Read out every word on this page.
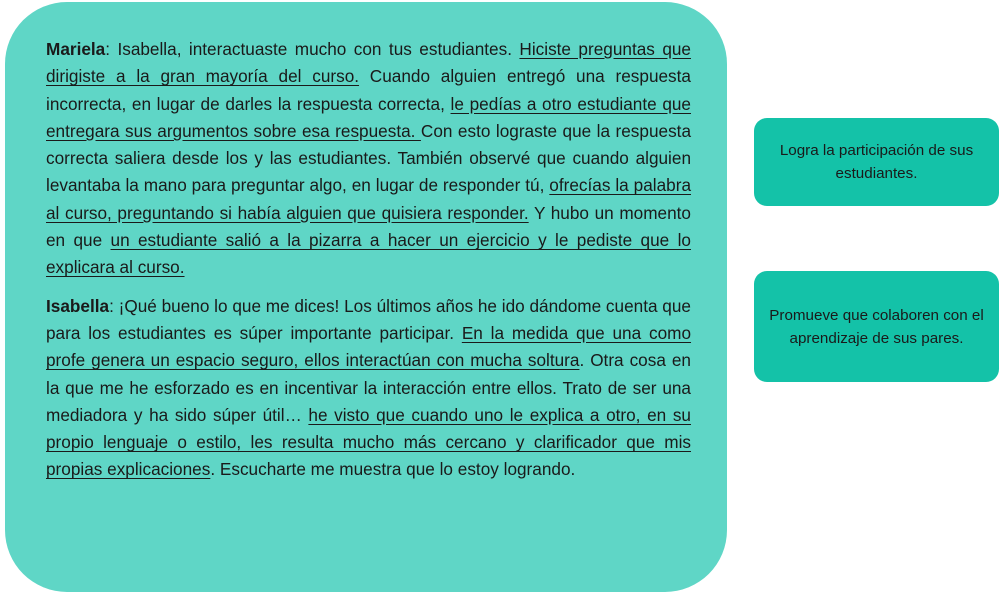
Mariela: Isabella, interactuaste mucho con tus estudiantes. Hiciste preguntas que dirigiste a la gran mayoría del curso. Cuando alguien entregó una respuesta incorrecta, en lugar de darles la respuesta correcta, le pedías a otro estudiante que entregara sus argumentos sobre esa respuesta. Con esto lograste que la respuesta correcta saliera desde los y las estudiantes. También observé que cuando alguien levantaba la mano para preguntar algo, en lugar de responder tú, ofrecías la palabra al curso, preguntando si había alguien que quisiera responder. Y hubo un momento en que un estudiante salió a la pizarra a hacer un ejercicio y le pediste que lo explicara al curso.

Isabella: ¡Qué bueno lo que me dices! Los últimos años he ido dándome cuenta que para los estudiantes es súper importante participar. En la medida que una como profe genera un espacio seguro, ellos interactúan con mucha soltura. Otra cosa en la que me he esforzado es en incentivar la interacción entre ellos. Trato de ser una mediadora y ha sido súper útil… he visto que cuando uno le explica a otro, en su propio lenguaje o estilo, les resulta mucho más cercano y clarificador que mis propias explicaciones. Escucharte me muestra que lo estoy logrando.

Logra la participación de sus estudiantes.
Promueve que colaboren con el aprendizaje de sus pares.
